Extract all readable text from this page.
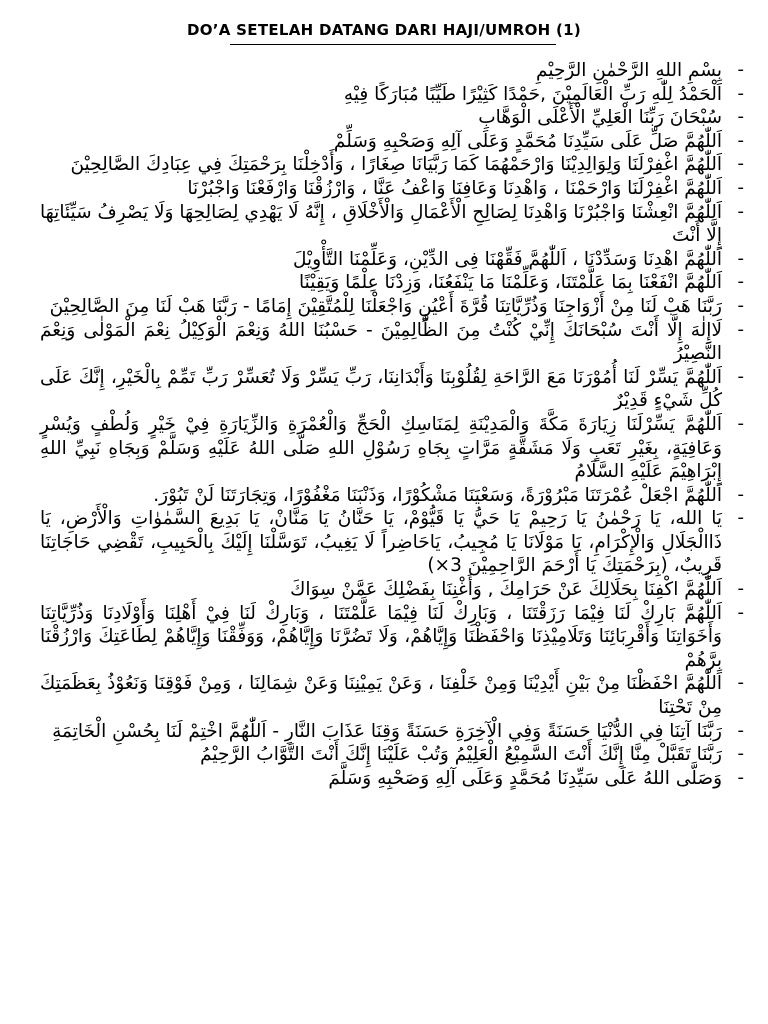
DO’A SETELAH DATANG DARI HAJI/UMROH (1)
-
بِسْمِ اللهِ الرَّحْمٰنِ الرَّحِيْمِ
-
اَلْحَمْدُ لِلّٰهِ رَبِّ الْعَالَمِيْنَ ,حَمْدًا كَثِيْرًا طَيِّبًا مُبَارَكًا فِيْهِ
-
سُبْحَانَ رَبِّنَا الْعَلِيِّ الْأَعْلَى الْوَهَّابِ
-
اَللّٰهُمَّ صَلِّ عَلَى سَيِّدِنَا مُحَمَّدٍ وَعَلَى آلِهِ وَصَحْبِهِ وَسَلِّمْ
-
اَللّٰهُمَّ اغْفِرْلَنَا وَلِوَالِدِيْنَا وَارْحَمْهُمَا كَمَا رَبَّيَانَا صِغَارًا ، وَأَدْخِلْنَا بِرَحْمَتِكَ فِي عِبَادِكَ الصَّالِحِيْنَ
-
اَللّٰهُمَّ اغْفِرْلَنَا وَارْحَمْنَا ، وَاهْدِنَا وَعَافِنَا وَاعْفُ عَنَّا ، وَارْزُقْنَا وَارْفَعْنَا وَاجْبُرْنَا
-
اَللّٰهُمَّ انْعِشْنَا وَاجْبُرْنَا وَاهْدِنَا لِصَالِحِ الْأَعْمَالِ وَالْأَخْلَاقِ ، إِنَّهُ لَا يَهْدِي لِصَالِحِهَا وَلَا يَصْرِفُ سَيِّئَاتِهَا إِلَّا أَنْتَ
-
اَللّٰهُمَّ اهْدِنَا وَسَدِّدْنَا ، اَللّٰهُمَّ فَقِّهْنَا فِى الدِّيْنِ، وَعَلِّمْنَا التَّأْوِيْلَ
-
اَللّٰهُمَّ انْفَعْنَا بِمَا عَلَّمْتَنَا، وَعَلِّمْنَا مَا يَنْفَعُنَا، وَزِدْنَا عِلْمًا وَيَقِيْنًا
-
رَبَّنَا هَبْ لَنَا مِنْ أَزْوَاجِنَا وَذُرِّيَّاتِنَا قُرَّةَ أَعْيُنٍ وَاجْعَلْنَا لِلْمُتَّقِيْنَ إِمَامًا - رَبَّنَا هَبْ لَنَا مِنَ الصَّالِحِيْنَ
-
لَاإِلٰهَ إِلَّا أَنْتَ سُبْحَانَكَ إِنِّيْ كُنْتُ مِنَ الظَّالِمِيْنَ - حَسْبُنَا اللهُ وَنِعْمَ الْوَكِيْلُ نِعْمَ الْمَوْلٰى وَنِعْمَ النَّصِيْرُ
-
اَللّٰهُمَّ يَسِّرْ لَنَا أُمُوْرَنَا مَعَ الرَّاحَةِ لِقُلُوْبِنَا وَأَبْدَانِنَا، رَبِّ يَسِّرْ وَلَا تُعَسِّرْ رَبِّ تَمِّمْ بِالْخَيْرِ، إِنَّكَ عَلَى كُلِّ شَيْءٍ قَدِيْرٌ
-
اَللّٰهُمَّ يَسِّرْلَنَا زِيَارَةَ مَكَّةَ وَالْمَدِيْنَةِ لِمَنَاسِكِ الْحَجِّ وَالْعُمْرَةِ وَالزِّيَارَةِ فِيْ خَيْرٍ وَلُطْفٍ وَيُسْرٍ وَعَافِيَةٍ، بِغَيْرِ تَعَبٍ وَلَا مَشَقَّةٍ مَرَّاتٍ بِجَاهِ رَسُوْلِ اللهِ صَلَّى اللهُ عَلَيْهِ وَسَلَّمْ وَبِجَاهِ نَبِيِّ اللهِ إِبْرَاهِيْمَ عَلَيْهِ السَّلَامُ
-
اَللّٰهُمَّ اجْعَلْ عُمْرَتَنَا مَبْرُوْرَةً، وَسَعْيَنَا مَشْكُوْرًا، وَذَنْبَنَا مَغْفُوْرًا، وَتِجَارَتَنَا لَنْ تَبُوْرَ.
-
يَا الله، يَا رَحْمٰنُ يَا رَحِيمْ يَا حَيُّ يَا قَيُّوْمْ، يَا حَنَّانُ يَا مَنَّانْ، يَا بَدِيعَ السَّمٰوٰاتِ وَالْأَرْضِ، يَا ذَاالْجَلَالِ وَالْإِكْرَامِ، يَا مَوْلَانَا يَا مُجِيبُ، يَاحَاضِراً لَا يَغِيبُ، تَوَسَّلْنَا إِلَيْكَ بِالْحَبِيبِ، تَقْضِي حَاجَاتِنَا قَرِيبٌ، (بِرَحْمَتِكَ يَا أَرْحَمَ الرَّاحِمِيْنَ 3×)
-
اَللّٰهُمَّ اكْفِنَا بِحَلَالِكَ عَنْ حَرَامِكَ , وَأَغْنِنَا بِفَضْلِكَ عَمَّنْ سِوَاكَ
-
اَللّٰهُمَّ بَارِكْ لَنَا فِيْمَا رَزَقْتَنَا ، وَبَارِكْ لَنَا فِيْمَا عَلَّمْتَنَا ، وَبَارِكْ لَنَا فِيْ أَهْلِنَا وَأَوْلَادِنَا وَذُرِّيَّاتِنَا وَأَخَوَاتِنَا وَأَقْرِبَائِنَا وَتَلَامِيْذِنَا وَاحْفَظْنَا وَإِيَّاهُمْ، وَلَا تَضُرَّنَا وَإِيَّاهُمْ، وَوَفِّقْنَا وَإِيَّاهُمْ لِطَاعَتِكَ وَارْزُقْنَا بِرَّهُمْ
-
اَللّٰهُمَّ احْفَظْنَا مِنْ بَيْنِ أَيْدِيْنَا وَمِنْ خَلْفِنَا ، وَعَنْ يَمِيْنِنَا وَعَنْ شِمَالِنَا ، وَمِنْ فَوْقِنَا وَنَعُوْذُ بِعَظَمَتِكَ مِنْ تَحْتِنَا
-
رَبَّنَا آتِنَا فِي الدُّنْيَا حَسَنَةً وَفِي الْآخِرَةِ حَسَنَةً وَقِنَا عَذَابَ النَّارِ - اَللّٰهُمَّ اخْتِمْ لَنَا بِحُسْنِ الْخَاتِمَةِ
-
رَبَّنَا تَقَبَّلْ مِنَّا إِنَّكَ أَنْتَ السَّمِيْعُ الْعَلِيْمُ وَتُبْ عَلَيْنَا إِنَّكَ أَنْتَ التَّوَّابُ الرَّحِيْمُ
-
وَصَلَّى اللهُ عَلَى سَيِّدِنَا مُحَمَّدٍ وَعَلَى آلِهِ وَصَحْبِهِ وَسَلَّمَ
